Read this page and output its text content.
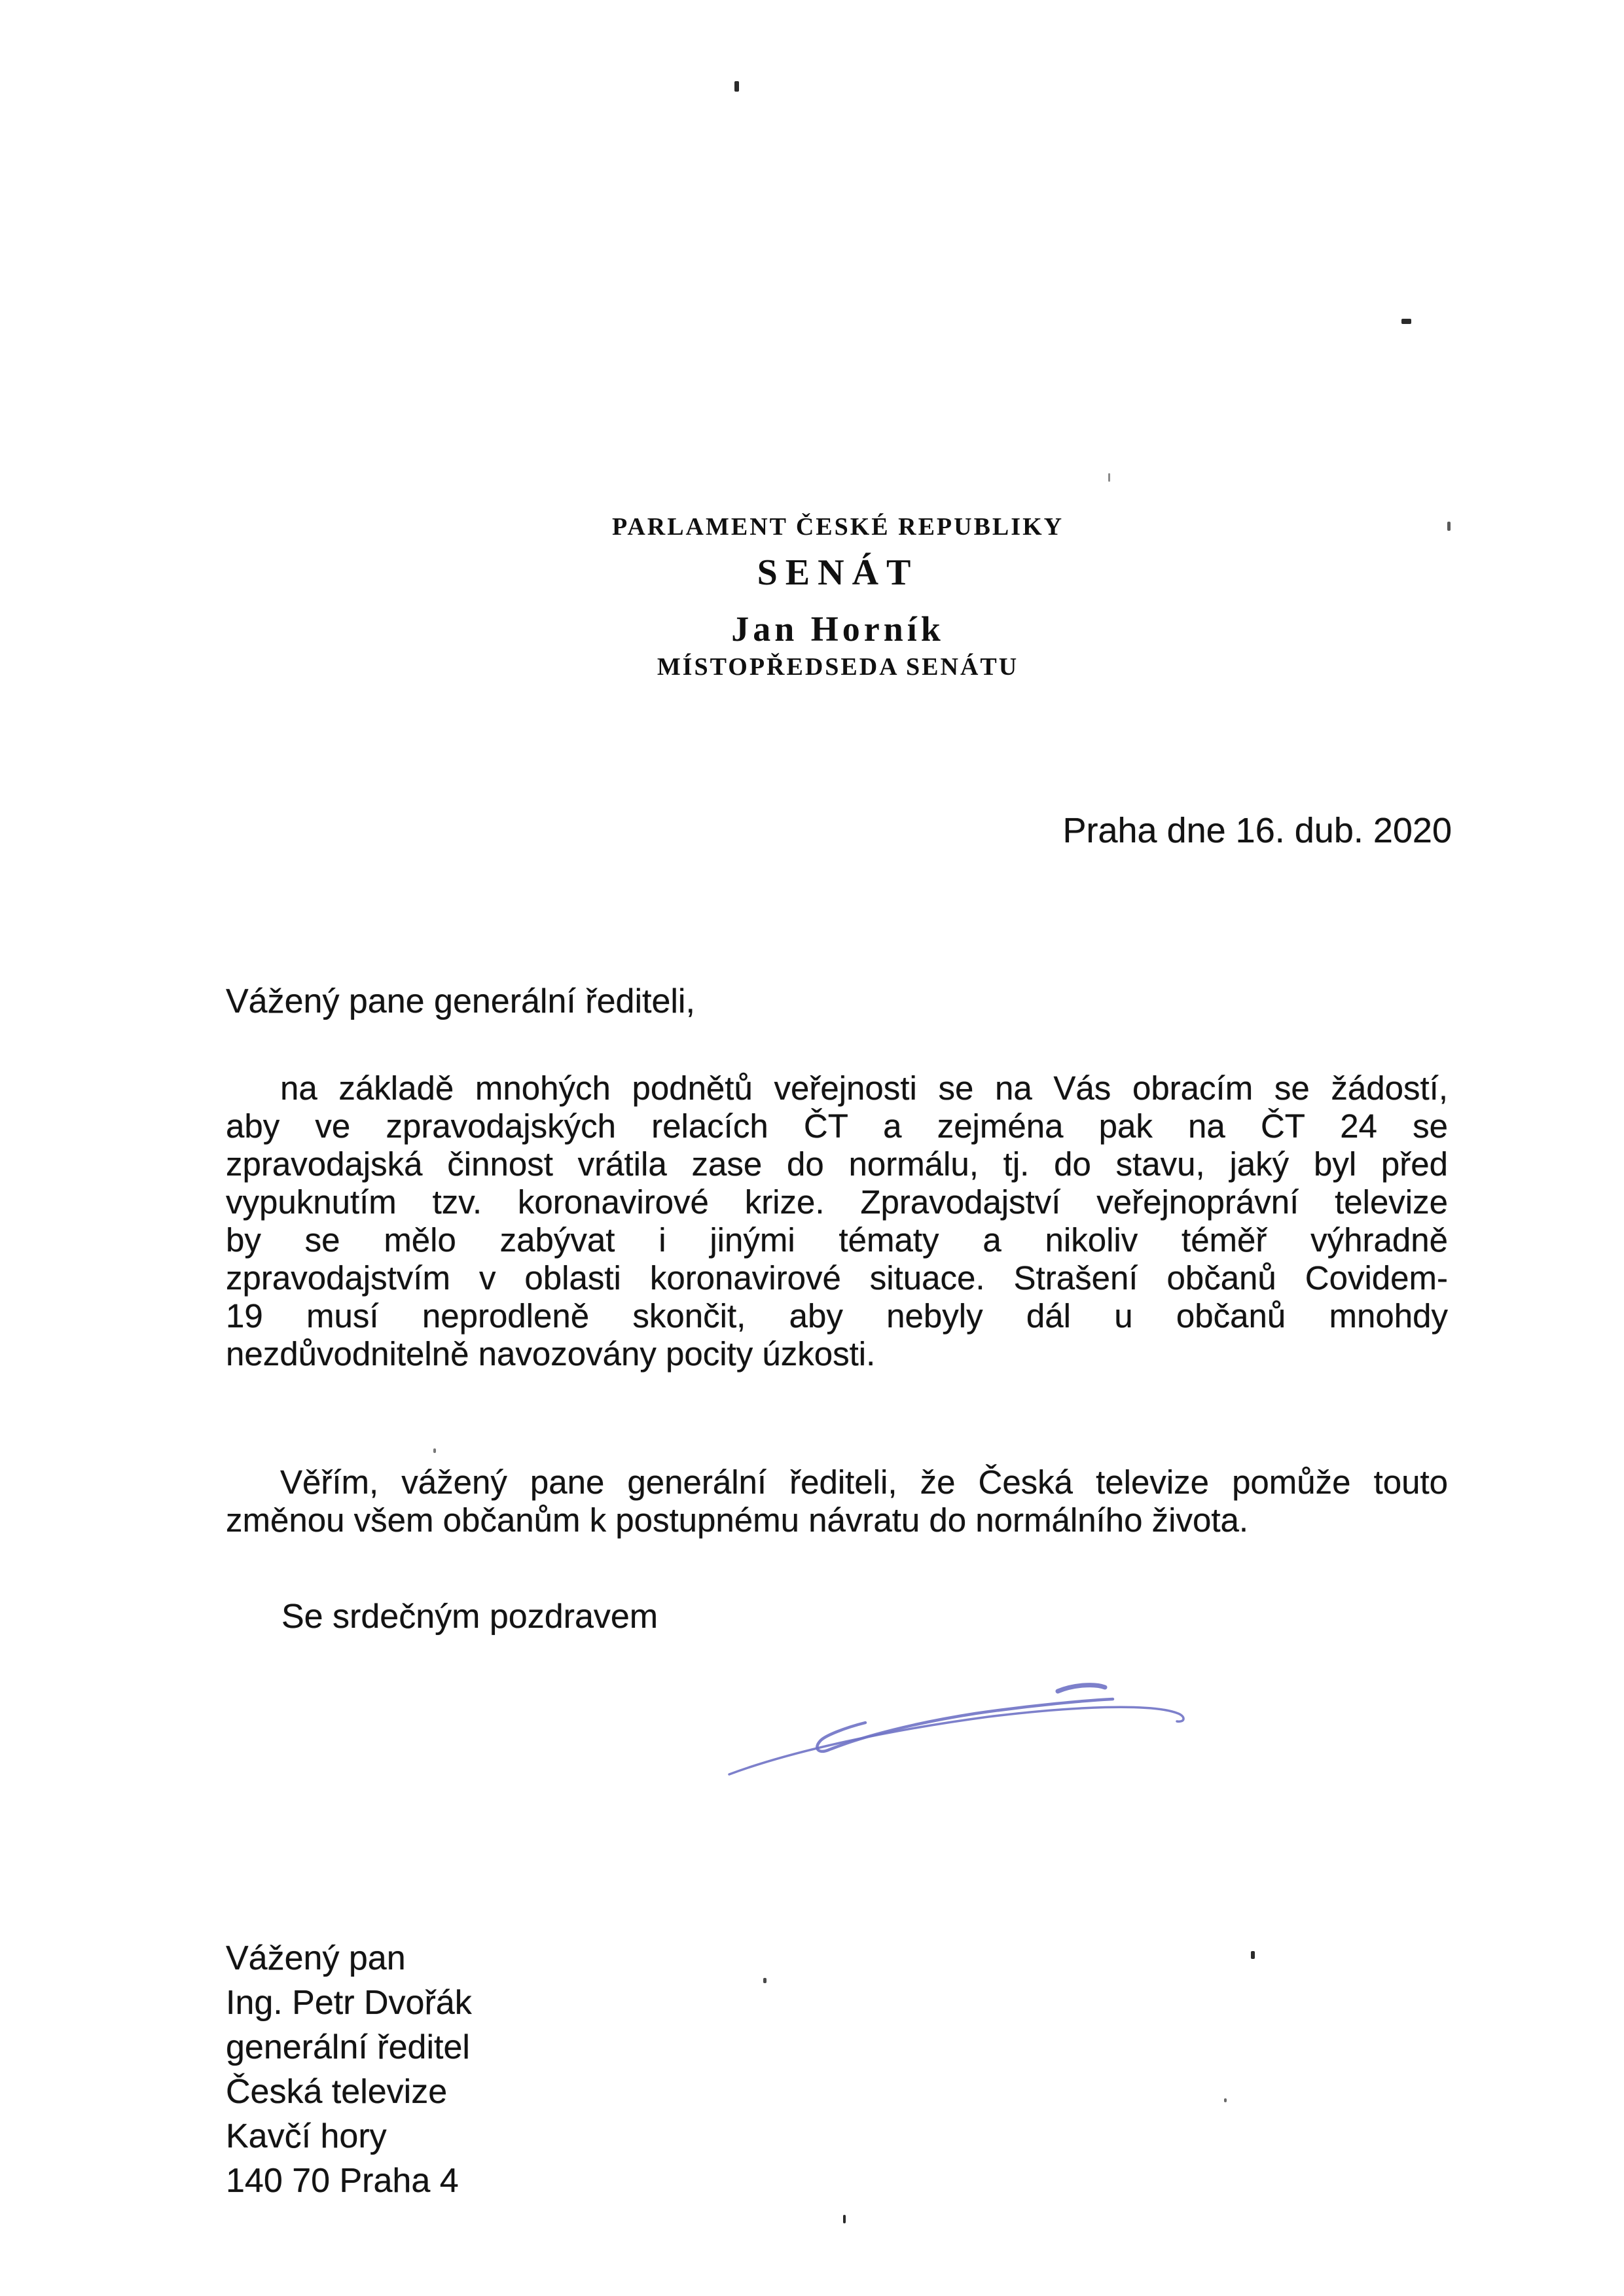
PARLAMENT ČESKÉ REPUBLIKY
SENÁT
Jan Horník
MÍSTOPŘEDSEDA SENÁTU
Praha dne 16. dub. 2020
Vážený pane generální řediteli,
na základě mnohých podnětů veřejnosti se na Vás obracím se žádostí,
aby ve zpravodajských relacích ČT a zejména pak na ČT 24 se
zpravodajská činnost vrátila zase do normálu, tj. do stavu, jaký byl před
vypuknutím tzv. koronavirové krize. Zpravodajství veřejnoprávní televize
by se mělo zabývat i jinými tématy a nikoliv téměř výhradně
zpravodajstvím v oblasti koronavirové situace. Strašení občanů Covidem-
19 musí neprodleně skončit, aby nebyly dál u občanů mnohdy
nezdůvodnitelně navozovány pocity úzkosti.
Věřím, vážený pane generální řediteli, že Česká televize pomůže touto
změnou všem občanům k postupnému návratu do normálního života.
Se srdečným pozdravem
Vážený pan
Ing. Petr Dvořák
generální ředitel
Česká televize
Kavčí hory
140 70 Praha 4
